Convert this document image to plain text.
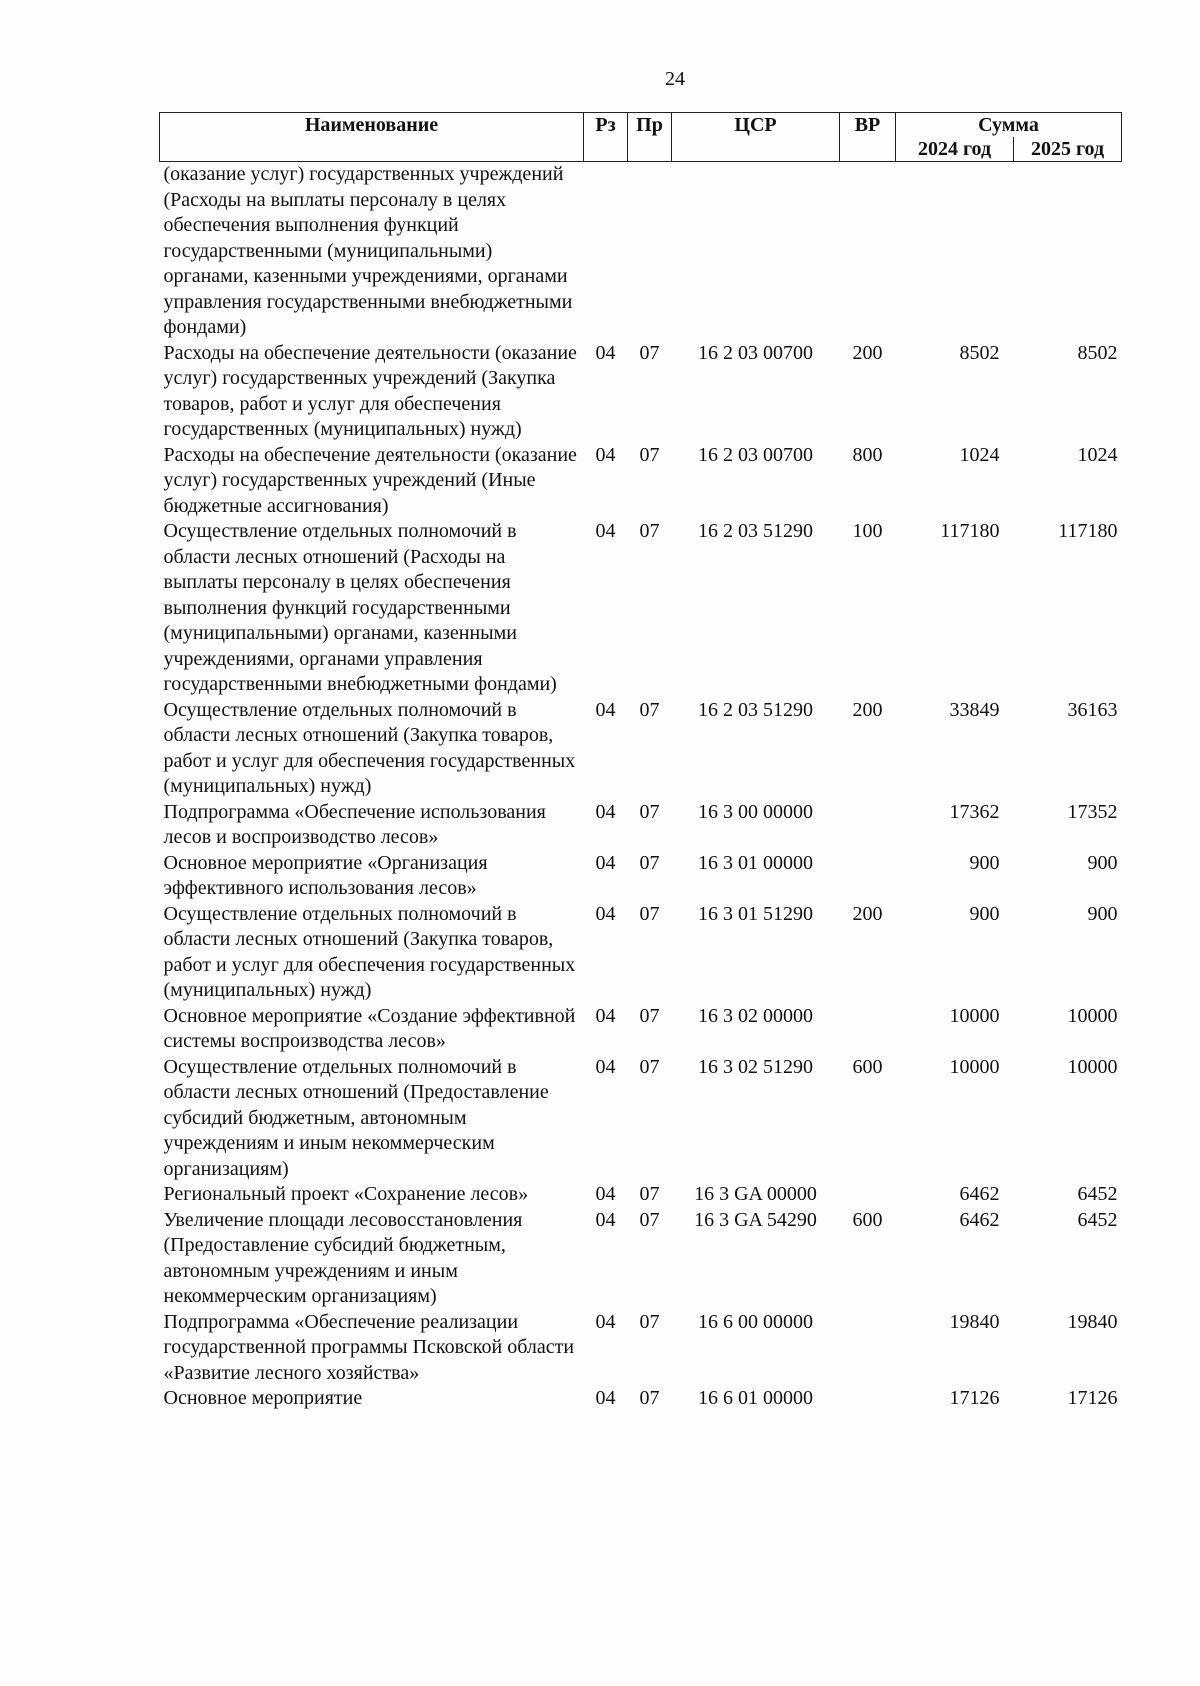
24
Наименование	Рз	Пр	ЦСР	ВР	Сумма	
					2024 год	2025 год
(оказание услуг) государственных учреждений (Расходы на выплаты персоналу в целях обеспечения выполнения функций государственными (муниципальными) органами, казенными учреждениями, органами управления государственными внебюджетными фондами)						
Расходы на обеспечение деятельности (оказание услуг) государственных учреждений (Закупка товаров, работ и услуг для обеспечения государственных (муниципальных) нужд)	04	07	16 2 03 00700	200	8502	8502
Расходы на обеспечение деятельности (оказание услуг) государственных учреждений (Иные бюджетные ассигнования)	04	07	16 2 03 00700	800	1024	1024
Осуществление отдельных полномочий в области лесных отношений (Расходы на выплаты персоналу в целях обеспечения выполнения функций государственными (муниципальными) органами, казенными учреждениями, органами управления государственными внебюджетными фондами)	04	07	16 2 03 51290	100	117180	117180
Осуществление отдельных полномочий в области лесных отношений (Закупка товаров, работ и услуг для обеспечения государственных (муниципальных) нужд)	04	07	16 2 03 51290	200	33849	36163
Подпрограмма «Обеспечение использования лесов и воспроизводство лесов»	04	07	16 3 00 00000		17362	17352
Основное мероприятие «Организация эффективного использования лесов»	04	07	16 3 01 00000		900	900
Осуществление отдельных полномочий в области лесных отношений (Закупка товаров, работ и услуг для обеспечения государственных (муниципальных) нужд)	04	07	16 3 01 51290	200	900	900
Основное мероприятие «Создание эффективной системы воспроизводства лесов»	04	07	16 3 02 00000		10000	10000
Осуществление отдельных полномочий в области лесных отношений (Предоставление субсидий бюджетным, автономным учреждениям и иным некоммерческим организациям)	04	07	16 3 02 51290	600	10000	10000
Региональный проект «Сохранение лесов»	04	07	16 3 GA 00000		6462	6452
Увеличение площади лесовосстановления (Предоставление субсидий бюджетным, автономным учреждениям и иным некоммерческим организациям)	04	07	16 3 GA 54290	600	6462	6452
Подпрограмма «Обеспечение реализации государственной программы Псковской области «Развитие лесного хозяйства»	04	07	16 6 00 00000		19840	19840
Основное мероприятие	04	07	16 6 01 00000		17126	17126
